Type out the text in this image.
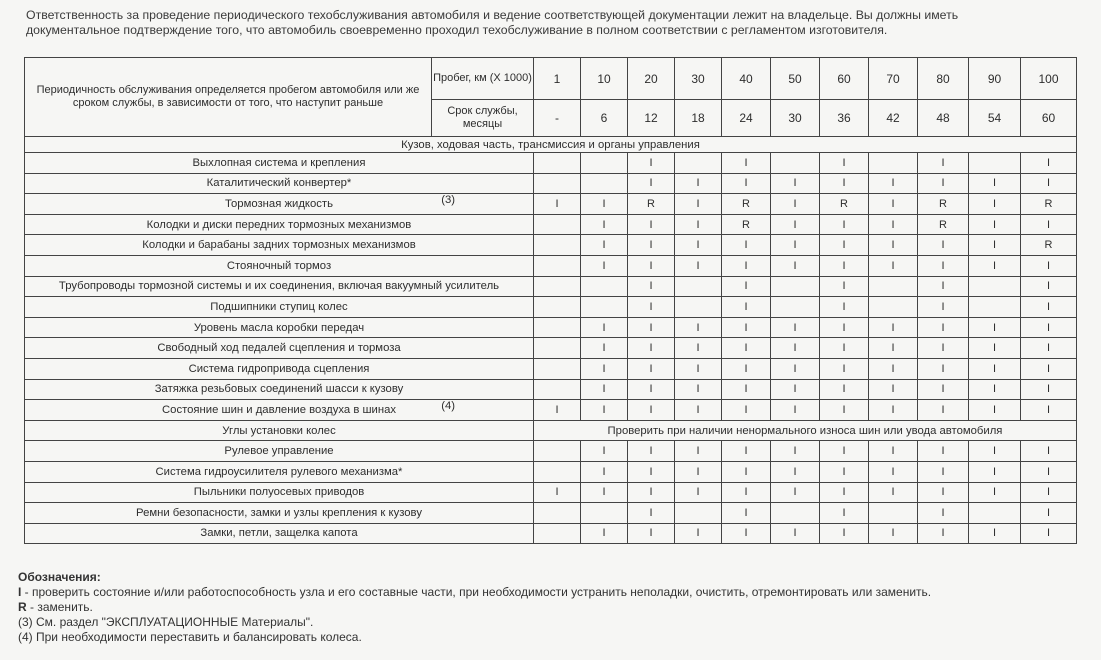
Ответственность за проведение периодического техобслуживания автомобиля и ведение соответствующей документации лежит на владельце. Вы должны иметь
документальное подтверждение того, что автомобиль своевременно проходил техобслуживание в полном соответствии с регламентом изготовителя.
Периодичность обслуживания определяется пробегом автомобиля или же сроком службы, в зависимости от того, что наступит раньше	Пробег, км (Х 1000)	1	10	20	30	40	50	60	70	80	90	100
	Срок службы, месяцы	-	6	12	18	24	30	36	42	48	54	60
Кузов, ходовая часть, трансмиссия и органы управления												
Выхлопная система и крепления				I		I		I		I		I
Каталитический конвертер*				I	I	I	I	I	I	I	I	I
Тормозная жидкость (3)		I	I	R	I	R	I	R	I	R	I	R
Колодки и диски передних тормозных механизмов			I	I	I	R	I	I	I	R	I	I
Колодки и барабаны задних тормозных механизмов			I	I	I	I	I	I	I	I	I	R
Стояночный тормоз			I	I	I	I	I	I	I	I	I	I
Трубопроводы тормозной системы и их соединения, включая вакуумный усилитель				I		I		I		I		I
Подшипники ступиц колес				I		I		I		I		I
Уровень масла коробки передач			I	I	I	I	I	I	I	I	I	I
Свободный ход педалей сцепления и тормоза			I	I	I	I	I	I	I	I	I	I
Система гидропривода сцепления			I	I	I	I	I	I	I	I	I	I
Затяжка резьбовых соединений шасси к кузову			I	I	I	I	I	I	I	I	I	I
Состояние шин и давление воздуха в шинах (4)		I	I	I	I	I	I	I	I	I	I	I
Углы установки колес		Проверить при наличии ненормального износа шин или увода автомобиля										
Рулевое управление			I	I	I	I	I	I	I	I	I	I
Система гидроусилителя рулевого механизма*			I	I	I	I	I	I	I	I	I	I
Пыльники полуосевых приводов		I	I	I	I	I	I	I	I	I	I	I
Ремни безопасности, замки и узлы крепления к кузову				I		I		I		I		I
Замки, петли, защелка капота			I	I	I	I	I	I	I	I	I	I
Обозначения:
I - проверить состояние и/или работоспособность узла и его составные части, при необходимости устранить неполадки, очистить, отремонтировать или заменить.
R - заменить.
(3) См. раздел "ЭКСПЛУАТАЦИОННЫЕ Материалы".
(4) При необходимости переставить и балансировать колеса.
